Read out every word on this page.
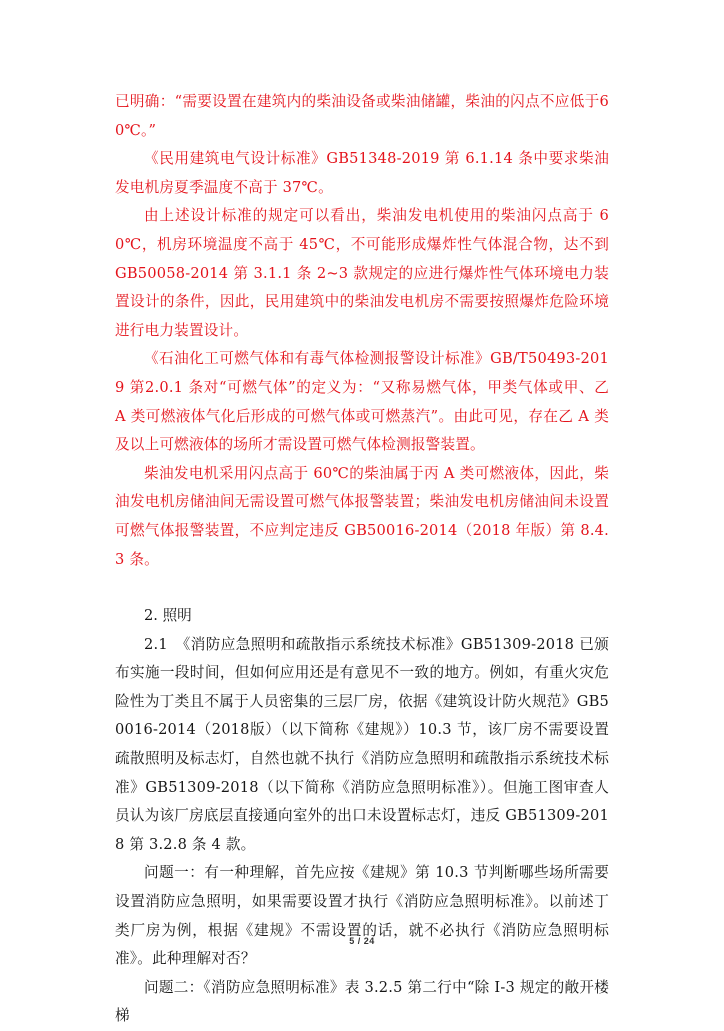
已明确：“需要设置在建筑内的柴油设备或柴油储罐，柴油的闪点不应低于60℃。”

《民用建筑电气设计标准》GB51348-2019 第 6.1.14 条中要求柴油发电机房夏季温度不高于 37℃。

由上述设计标准的规定可以看出，柴油发电机使用的柴油闪点高于 60℃，机房环境温度不高于 45℃，不可能形成爆炸性气体混合物，达不到 GB50058-2014 第 3.1.1 条 2~3 款规定的应进行爆炸性气体环境电力装置设计的条件，因此，民用建筑中的柴油发电机房不需要按照爆炸危险环境进行电力装置设计。

《石油化工可燃气体和有毒气体检测报警设计标准》GB/T50493-2019 第2.0.1 条对“可燃气体”的定义为：“又称易燃气体，甲类气体或甲、乙 A 类可燃液体气化后形成的可燃气体或可燃蒸汽”。由此可见，存在乙 A 类及以上可燃液体的场所才需设置可燃气体检测报警装置。

柴油发电机采用闪点高于 60℃的柴油属于丙 A 类可燃液体，因此，柴油发电机房储油间无需设置可燃气体报警装置；柴油发电机房储油间未设置可燃气体报警装置，不应判定违反 GB50016-2014（2018 年版）第 8.4.3 条。

2. 照明

2.1　《消防应急照明和疏散指示系统技术标准》GB51309-2018 已颁布实施一段时间，但如何应用还是有意见不一致的地方。例如，有重火灾危险性为丁类且不属于人员密集的三层厂房，依据《建筑设计防火规范》GB50016-2014（2018版）（以下简称《建规》）10.3 节，该厂房不需要设置疏散照明及标志灯，自然也就不执行《消防应急照明和疏散指示系统技术标准》GB51309-2018（以下简称《消防应急照明标准》）。但施工图审查人员认为该厂房底层直接通向室外的出口未设置标志灯，违反 GB51309-2018 第 3.2.8 条 4 款。

问题一：有一种理解，首先应按《建规》第 10.3 节判断哪些场所需要设置消防应急照明，如果需要设置才执行《消防应急照明标准》。以前述丁类厂房为例，根据《建规》不需设置的话，就不必执行《消防应急照明标准》。此种理解对否？

问题二：《消防应急照明标准》表 3.2.5 第二行中“除 I-3 规定的敞开楼梯

5 / 24
